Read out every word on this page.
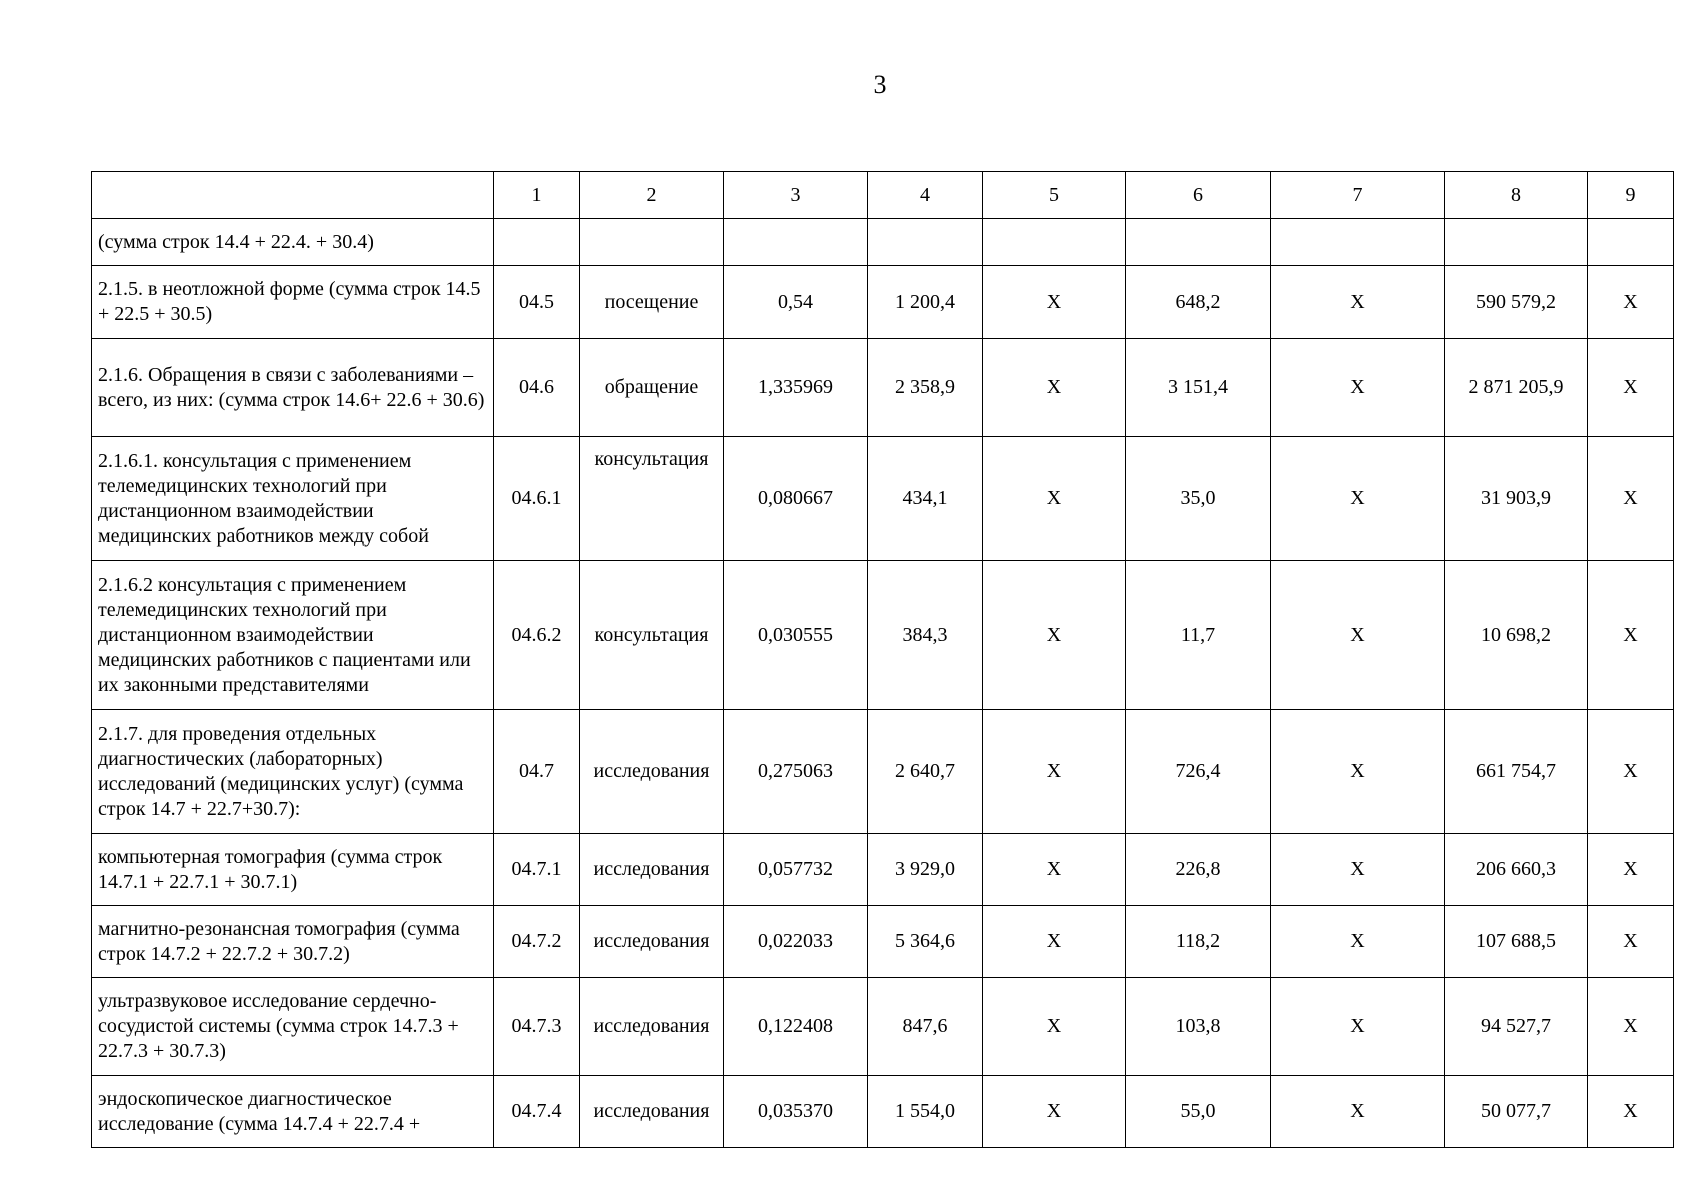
3
	1	2	3	4	5	6	7	8	9
(сумма строк 14.4 + 22.4. + 30.4)									
2.1.5. в неотложной форме (сумма строк 14.5 + 22.5 + 30.5)	04.5	посещение	0,54	1 200,4	Х	648,2	Х	590 579,2	Х
2.1.6. Обращения в связи с заболеваниями – всего, из них: (сумма строк 14.6+ 22.6 + 30.6)	04.6	обращение	1,335969	2 358,9	Х	3 151,4	Х	2 871 205,9	Х
2.1.6.1. консультация с применением телемедицинских технологий при дистанционном взаимодействии медицинских работников между собой	04.6.1	консультация	0,080667	434,1	Х	35,0	Х	31 903,9	Х
2.1.6.2 консультация с применением телемедицинских технологий при дистанционном взаимодействии медицинских работников с пациентами или их законными представителями	04.6.2	консультация	0,030555	384,3	Х	11,7	Х	10 698,2	Х
2.1.7. для проведения отдельных диагностических (лабораторных) исследований (медицинских услуг) (сумма строк 14.7 + 22.7+30.7):	04.7	исследования	0,275063	2 640,7	Х	726,4	Х	661 754,7	Х
компьютерная томография (сумма строк 14.7.1 + 22.7.1 + 30.7.1)	04.7.1	исследования	0,057732	3 929,0	Х	226,8	Х	206 660,3	Х
магнитно-резонансная томография (сумма строк 14.7.2 + 22.7.2 + 30.7.2)	04.7.2	исследования	0,022033	5 364,6	Х	118,2	Х	107 688,5	Х
ультразвуковое исследование сердечно-сосудистой системы (сумма строк 14.7.3 + 22.7.3 + 30.7.3)	04.7.3	исследования	0,122408	847,6	Х	103,8	Х	94 527,7	Х
эндоскопическое диагностическое исследование (сумма 14.7.4 + 22.7.4 +	04.7.4	исследования	0,035370	1 554,0	Х	55,0	Х	50 077,7	Х
